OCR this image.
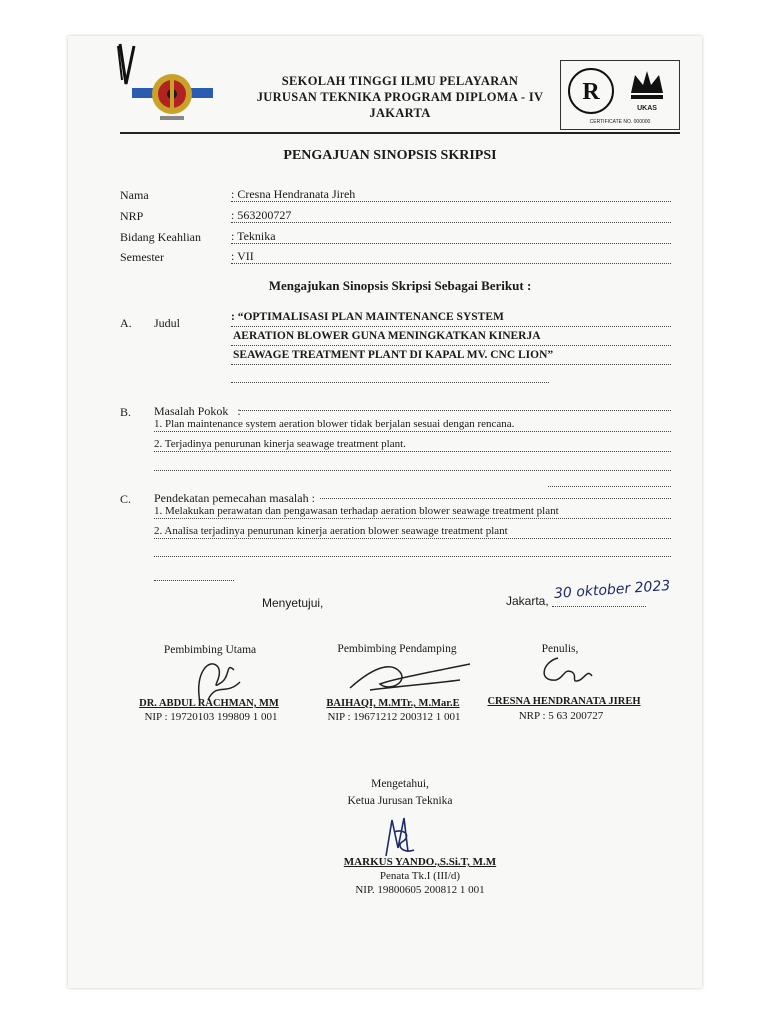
SEKOLAH TINGGI ILMU PELAYARAN
JURUSAN TEKNIKA PROGRAM DIPLOMA - IV
JAKARTA
R
UKAS
CERTIFICATE NO. 000000
PENGAJUAN SINOPSIS SKRIPSI
Nama	: Cresna Hendranata Jireh
NRP	: 563200727
Bidang Keahlian	: Teknika
Semester	: VII
Mengajukan Sinopsis Skripsi Sebagai Berikut :
A. Judul	: “OPTIMALISASI PLAN MAINTENANCE SYSTEM
AERATION BLOWER GUNA MENINGKATKAN KINERJA
SEAWAGE TREATMENT PLANT DI KAPAL MV. CNC LION”
B. Masalah Pokok   :
1. Plan maintenance system aeration blower tidak berjalan sesuai dengan rencana.
2. Terjadinya penurunan kinerja seawage treatment plant.
C. Pendekatan pemecahan masalah :
1. Melakukan perawatan dan pengawasan terhadap aeration blower seawage treatment plant
2. Analisa terjadinya penurunan kinerja aeration blower seawage treatment plant
Menyetujui,	Jakarta, 30 oktober 2023
Pembimbing Utama	Pembimbing Pendamping	Penulis,
DR. ABDUL RACHMAN, MM	BAIHAQI, M.MTr., M.Mar.E	CRESNA HENDRANATA JIREH
NIP : 19720103 199809 1 001	NIP : 19671212 200312 1 001	NRP : 5 63 200727
Mengetahui,
Ketua Jurusan Teknika
MARKUS YANDO.,S.Si.T, M.M
Penata Tk.I (III/d)
NIP. 19800605 200812 1 001
